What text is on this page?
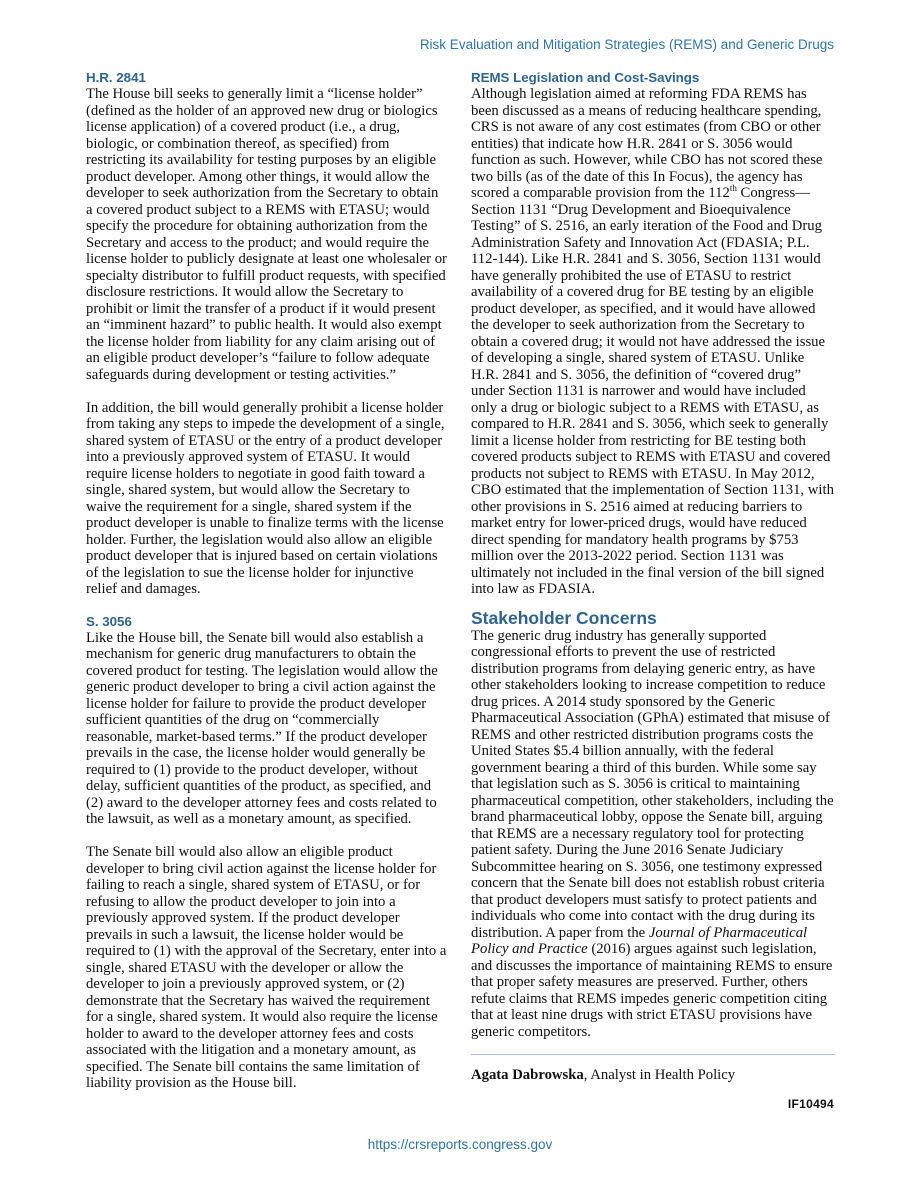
Risk Evaluation and Mitigation Strategies (REMS) and Generic Drugs
H.R. 2841

The House bill seeks to generally limit a “license holder” (defined as the holder of an approved new drug or biologics license application) of a covered product (i.e., a drug, biologic, or combination thereof, as specified) from restricting its availability for testing purposes by an eligible product developer. Among other things, it would allow the developer to seek authorization from the Secretary to obtain a covered product subject to a REMS with ETASU; would specify the procedure for obtaining authorization from the Secretary and access to the product; and would require the license holder to publicly designate at least one wholesaler or specialty distributor to fulfill product requests, with specified disclosure restrictions. It would allow the Secretary to prohibit or limit the transfer of a product if it would present an “imminent hazard” to public health. It would also exempt the license holder from liability for any claim arising out of an eligible product developer’s “failure to follow adequate safeguards during development or testing activities.”

In addition, the bill would generally prohibit a license holder from taking any steps to impede the development of a single, shared system of ETASU or the entry of a product developer into a previously approved system of ETASU. It would require license holders to negotiate in good faith toward a single, shared system, but would allow the Secretary to waive the requirement for a single, shared system if the product developer is unable to finalize terms with the license holder. Further, the legislation would also allow an eligible product developer that is injured based on certain violations of the legislation to sue the license holder for injunctive relief and damages.

S. 3056

Like the House bill, the Senate bill would also establish a mechanism for generic drug manufacturers to obtain the covered product for testing. The legislation would allow the generic product developer to bring a civil action against the license holder for failure to provide the product developer sufficient quantities of the drug on “commercially reasonable, market-based terms.” If the product developer prevails in the case, the license holder would generally be required to (1) provide to the product developer, without delay, sufficient quantities of the product, as specified, and (2) award to the developer attorney fees and costs related to the lawsuit, as well as a monetary amount, as specified.

The Senate bill would also allow an eligible product developer to bring civil action against the license holder for failing to reach a single, shared system of ETASU, or for refusing to allow the product developer to join into a previously approved system. If the product developer prevails in such a lawsuit, the license holder would be required to (1) with the approval of the Secretary, enter into a single, shared ETASU with the developer or allow the developer to join a previously approved system, or (2) demonstrate that the Secretary has waived the requirement for a single, shared system. It would also require the license holder to award to the developer attorney fees and costs associated with the litigation and a monetary amount, as specified. The Senate bill contains the same limitation of liability provision as the House bill.

REMS Legislation and Cost-Savings

Although legislation aimed at reforming FDA REMS has been discussed as a means of reducing healthcare spending, CRS is not aware of any cost estimates (from CBO or other entities) that indicate how H.R. 2841 or S. 3056 would function as such. However, while CBO has not scored these two bills (as of the date of this In Focus), the agency has scored a comparable provision from the 112th Congress—Section 1131 “Drug Development and Bioequivalence Testing” of S. 2516, an early iteration of the Food and Drug Administration Safety and Innovation Act (FDASIA; P.L. 112-144). Like H.R. 2841 and S. 3056, Section 1131 would have generally prohibited the use of ETASU to restrict availability of a covered drug for BE testing by an eligible product developer, as specified, and it would have allowed the developer to seek authorization from the Secretary to obtain a covered drug; it would not have addressed the issue of developing a single, shared system of ETASU. Unlike H.R. 2841 and S. 3056, the definition of “covered drug” under Section 1131 is narrower and would have included only a drug or biologic subject to a REMS with ETASU, as compared to H.R. 2841 and S. 3056, which seek to generally limit a license holder from restricting for BE testing both covered products subject to REMS with ETASU and covered products not subject to REMS with ETASU. In May 2012, CBO estimated that the implementation of Section 1131, with other provisions in S. 2516 aimed at reducing barriers to market entry for lower-priced drugs, would have reduced direct spending for mandatory health programs by $753 million over the 2013-2022 period. Section 1131 was ultimately not included in the final version of the bill signed into law as FDASIA.

Stakeholder Concerns

The generic drug industry has generally supported congressional efforts to prevent the use of restricted distribution programs from delaying generic entry, as have other stakeholders looking to increase competition to reduce drug prices. A 2014 study sponsored by the Generic Pharmaceutical Association (GPhA) estimated that misuse of REMS and other restricted distribution programs costs the United States $5.4 billion annually, with the federal government bearing a third of this burden. While some say that legislation such as S. 3056 is critical to maintaining pharmaceutical competition, other stakeholders, including the brand pharmaceutical lobby, oppose the Senate bill, arguing that REMS are a necessary regulatory tool for protecting patient safety. During the June 2016 Senate Judiciary Subcommittee hearing on S. 3056, one testimony expressed concern that the Senate bill does not establish robust criteria that product developers must satisfy to protect patients and individuals who come into contact with the drug during its distribution. A paper from the Journal of Pharmaceutical Policy and Practice (2016) argues against such legislation, and discusses the importance of maintaining REMS to ensure that proper safety measures are preserved. Further, others refute claims that REMS impedes generic competition citing that at least nine drugs with strict ETASU provisions have generic competitors.

Agata Dabrowska, Analyst in Health Policy

IF10494
https://crsreports.congress.gov
